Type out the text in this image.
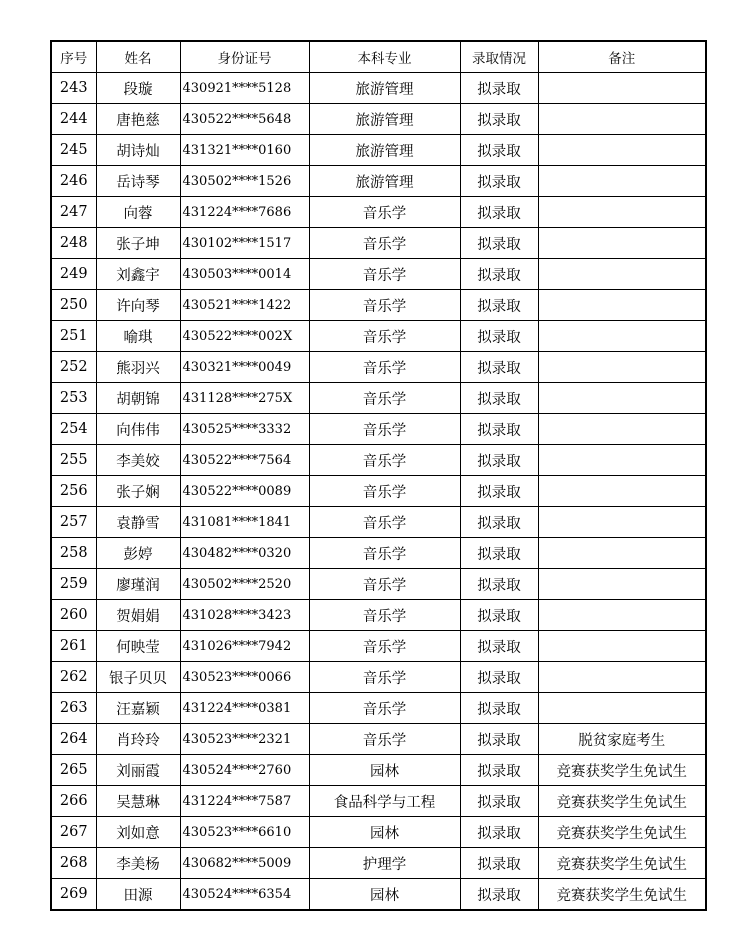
序号	姓名	身份证号	本科专业	录取情况	备注
243	段璇	430921****5128	旅游管理	拟录取	
244	唐艳慈	430522****5648	旅游管理	拟录取	
245	胡诗灿	431321****0160	旅游管理	拟录取	
246	岳诗琴	430502****1526	旅游管理	拟录取	
247	向蓉	431224****7686	音乐学	拟录取	
248	张子坤	430102****1517	音乐学	拟录取	
249	刘鑫宇	430503****0014	音乐学	拟录取	
250	许向琴	430521****1422	音乐学	拟录取	
251	喻琪	430522****002X	音乐学	拟录取	
252	熊羽兴	430321****0049	音乐学	拟录取	
253	胡朝锦	431128****275X	音乐学	拟录取	
254	向伟伟	430525****3332	音乐学	拟录取	
255	李美姣	430522****7564	音乐学	拟录取	
256	张子娴	430522****0089	音乐学	拟录取	
257	袁静雪	431081****1841	音乐学	拟录取	
258	彭婷	430482****0320	音乐学	拟录取	
259	廖瑾润	430502****2520	音乐学	拟录取	
260	贺娟娟	431028****3423	音乐学	拟录取	
261	何映莹	431026****7942	音乐学	拟录取	
262	银子贝贝	430523****0066	音乐学	拟录取	
263	汪嘉颖	431224****0381	音乐学	拟录取	
264	肖玲玲	430523****2321	音乐学	拟录取	脱贫家庭考生
265	刘丽霞	430524****2760	园林	拟录取	竞赛获奖学生免试生
266	吴慧琳	431224****7587	食品科学与工程	拟录取	竞赛获奖学生免试生
267	刘如意	430523****6610	园林	拟录取	竞赛获奖学生免试生
268	李美杨	430682****5009	护理学	拟录取	竞赛获奖学生免试生
269	田源	430524****6354	园林	拟录取	竞赛获奖学生免试生
